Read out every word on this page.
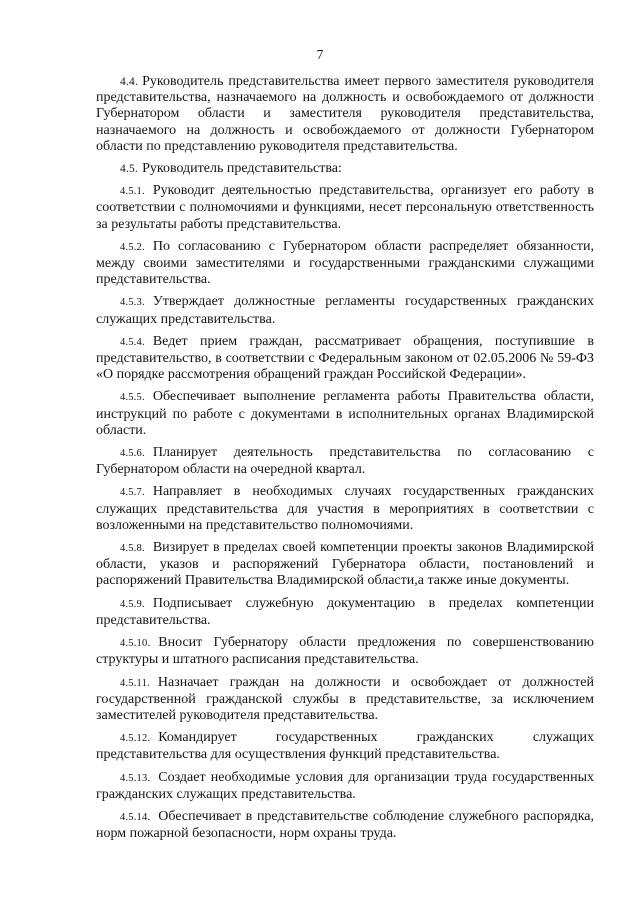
7

4.4. Руководитель представительства имеет первого заместителя руководителя представительства, назначаемого на должность и освобождаемого от должности Губернатором области и заместителя руководителя представительства, назначаемого на должность и освобождаемого от должности Губернатором области по представлению руководителя представительства.

4.5. Руководитель представительства:

4.5.1. Руководит деятельностью представительства, организует его работу в соответствии с полномочиями и функциями, несет персональную ответственность за результаты работы представительства.

4.5.2. По согласованию с Губернатором области распределяет обязанности, между своими заместителями и государственными гражданскими служащими представительства.

4.5.3. Утверждает должностные регламенты государственных гражданских служащих представительства.

4.5.4. Ведет прием граждан, рассматривает обращения, поступившие в представительство, в соответствии с Федеральным законом от 02.05.2006 № 59-ФЗ «О порядке рассмотрения обращений граждан Российской Федерации».

4.5.5. Обеспечивает выполнение регламента работы Правительства области, инструкций по работе с документами в исполнительных органах Владимирской области.

4.5.6. Планирует деятельность представительства по согласованию с Губернатором области на очередной квартал.

4.5.7. Направляет в необходимых случаях государственных гражданских служащих представительства для участия в мероприятиях в соответствии с возложенными на представительство полномочиями.

4.5.8. Визирует в пределах своей компетенции проекты законов Владимирской области, указов и распоряжений Губернатора области, постановлений и распоряжений Правительства Владимирской области,а также иные документы.

4.5.9. Подписывает служебную документацию в пределах компетенции представительства.

4.5.10. Вносит Губернатору области предложения по совершенствованию структуры и штатного расписания представительства.

4.5.11. Назначает граждан на должности и освобождает от должностей государственной гражданской службы в представительстве, за исключением заместителей руководителя представительства.

4.5.12. Командирует государственных гражданских служащих представительства для осуществления функций представительства.

4.5.13. Создает необходимые условия для организации труда государственных гражданских служащих представительства.

4.5.14. Обеспечивает в представительстве соблюдение служебного распорядка, норм пожарной безопасности, норм охраны труда.
